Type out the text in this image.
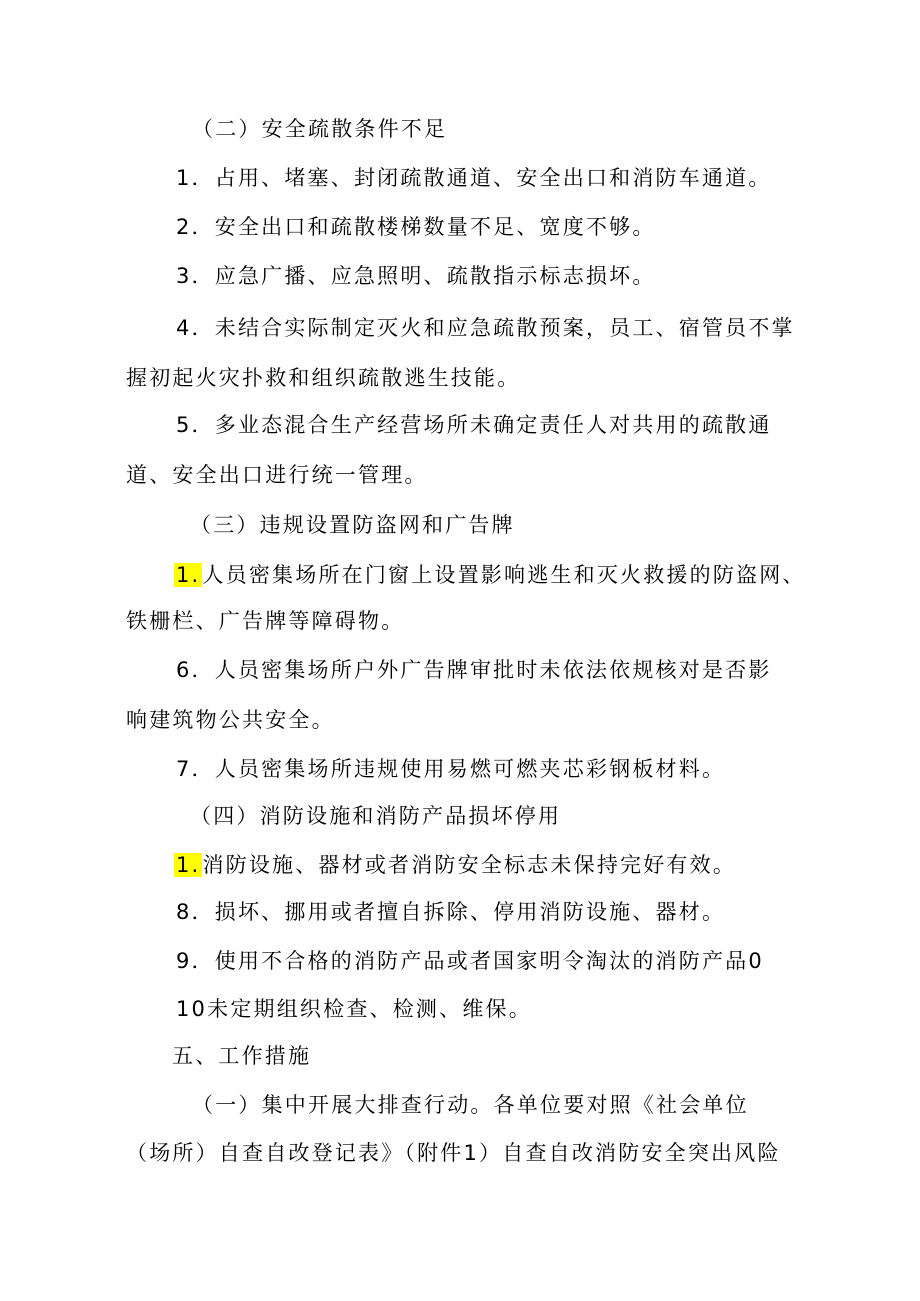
（二）安全疏散条件不足
1．占用、堵塞、封闭疏散通道、安全出口和消防车通道。
2．安全出口和疏散楼梯数量不足、宽度不够。
3．应急广播、应急照明、疏散指示标志损坏。
4．未结合实际制定灭火和应急疏散预案，员工、宿管员不掌
握初起火灾扑救和组织疏散逃生技能。
5．多业态混合生产经营场所未确定责任人对共用的疏散通
道、安全出口进行统一管理。
（三）违规设置防盗网和广告牌
1.人员密集场所在门窗上设置影响逃生和灭火救援的防盗网、
铁栅栏、广告牌等障碍物。
6．人员密集场所户外广告牌审批时未依法依规核对是否影
响建筑物公共安全。
7．人员密集场所违规使用易燃可燃夹芯彩钢板材料。
（四）消防设施和消防产品损坏停用
1.消防设施、器材或者消防安全标志未保持完好有效。
8．损坏、挪用或者擅自拆除、停用消防设施、器材。
9．使用不合格的消防产品或者国家明令淘汰的消防产品0
10未定期组织检查、检测、维保。
五、工作措施
（一）集中开展大排查行动。各单位要对照《社会单位
（场所）自查自改登记表》（附件1）自查自改消防安全突出风险
